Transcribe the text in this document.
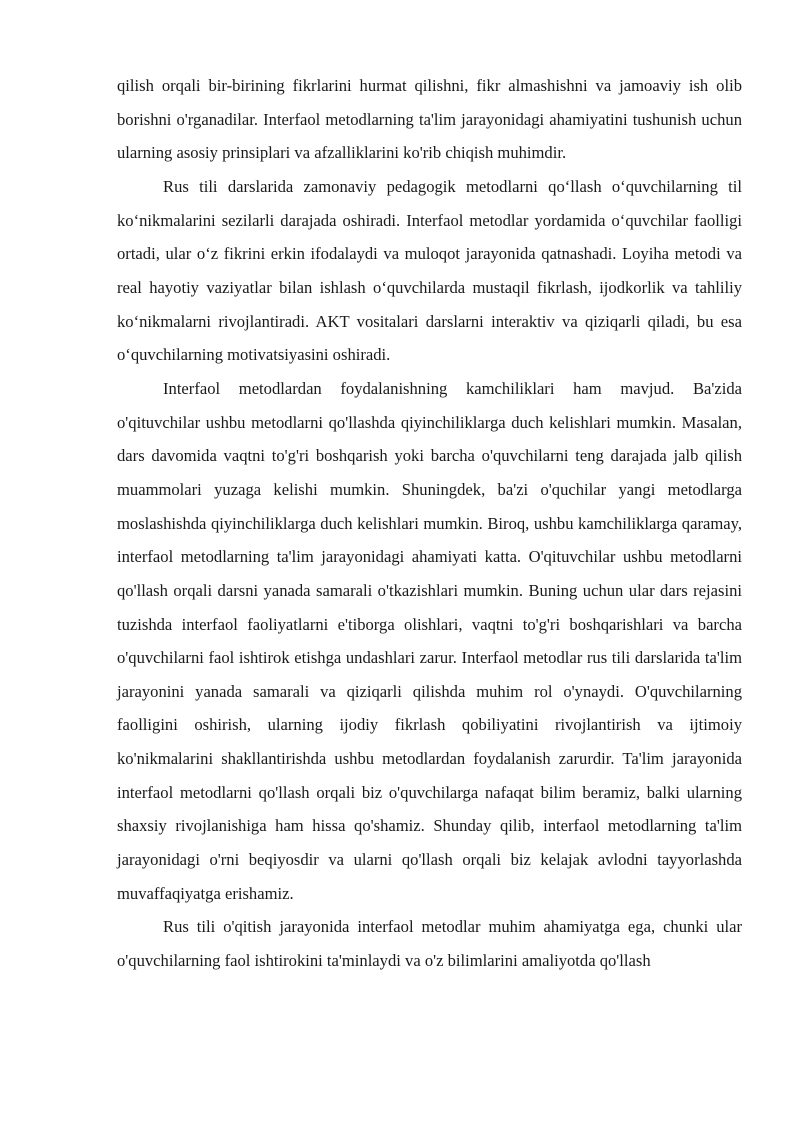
qilish orqali bir-birining fikrlarini hurmat qilishni, fikr almashishni va jamoaviy ish olib borishni o'rganadilar. Interfaol metodlarning ta'lim jarayonidagi ahamiyatini tushunish uchun ularning asosiy prinsiplari va afzalliklarini ko'rib chiqish muhimdir.

Rus tili darslarida zamonaviy pedagogik metodlarni qo‘llash o‘quvchilarning til ko‘nikmalarini sezilarli darajada oshiradi. Interfaol metodlar yordamida o‘quvchilar faolligi ortadi, ular o‘z fikrini erkin ifodalaydi va muloqot jarayonida qatnashadi. Loyiha metodi va real hayotiy vaziyatlar bilan ishlash o‘quvchilarda mustaqil fikrlash, ijodkorlik va tahliliy ko‘nikmalarni rivojlantiradi. AKT vositalari darslarni interaktiv va qiziqarli qiladi, bu esa o‘quvchilarning motivatsiyasini oshiradi.

Interfaol metodlardan foydalanishning kamchiliklari ham mavjud. Ba'zida o'qituvchilar ushbu metodlarni qo'llashda qiyinchiliklarga duch kelishlari mumkin. Masalan, dars davomida vaqtni to'g'ri boshqarish yoki barcha o'quvchilarni teng darajada jalb qilish muammolari yuzaga kelishi mumkin. Shuningdek, ba'zi o'quchilar yangi metodlarga moslashishda qiyinchiliklarga duch kelishlari mumkin. Biroq, ushbu kamchiliklarga qaramay, interfaol metodlarning ta'lim jarayonidagi ahamiyati katta. O'qituvchilar ushbu metodlarni qo'llash orqali darsni yanada samarali o'tkazishlari mumkin. Buning uchun ular dars rejasini tuzishda interfaol faoliyatlarni e'tiborga olishlari, vaqtni to'g'ri boshqarishlari va barcha o'quvchilarni faol ishtirok etishga undashlari zarur. Interfaol metodlar rus tili darslarida ta'lim jarayonini yanada samarali va qiziqarli qilishda muhim rol o'ynaydi. O'quvchilarning faolligini oshirish, ularning ijodiy fikrlash qobiliyatini rivojlantirish va ijtimoiy ko'nikmalarini shakllantirishda ushbu metodlardan foydalanish zarurdir. Ta'lim jarayonida interfaol metodlarni qo'llash orqali biz o'quvchilarga nafaqat bilim beramiz, balki ularning shaxsiy rivojlanishiga ham hissa qo'shamiz. Shunday qilib, interfaol metodlarning ta'lim jarayonidagi o'rni beqiyosdir va ularni qo'llash orqali biz kelajak avlodni tayyorlashda muvaffaqiyatga erishamiz.

Rus tili o'qitish jarayonida interfaol metodlar muhim ahamiyatga ega, chunki ular o'quvchilarning faol ishtirokini ta'minlaydi va o'z bilimlarini amaliyotda qo'llash
